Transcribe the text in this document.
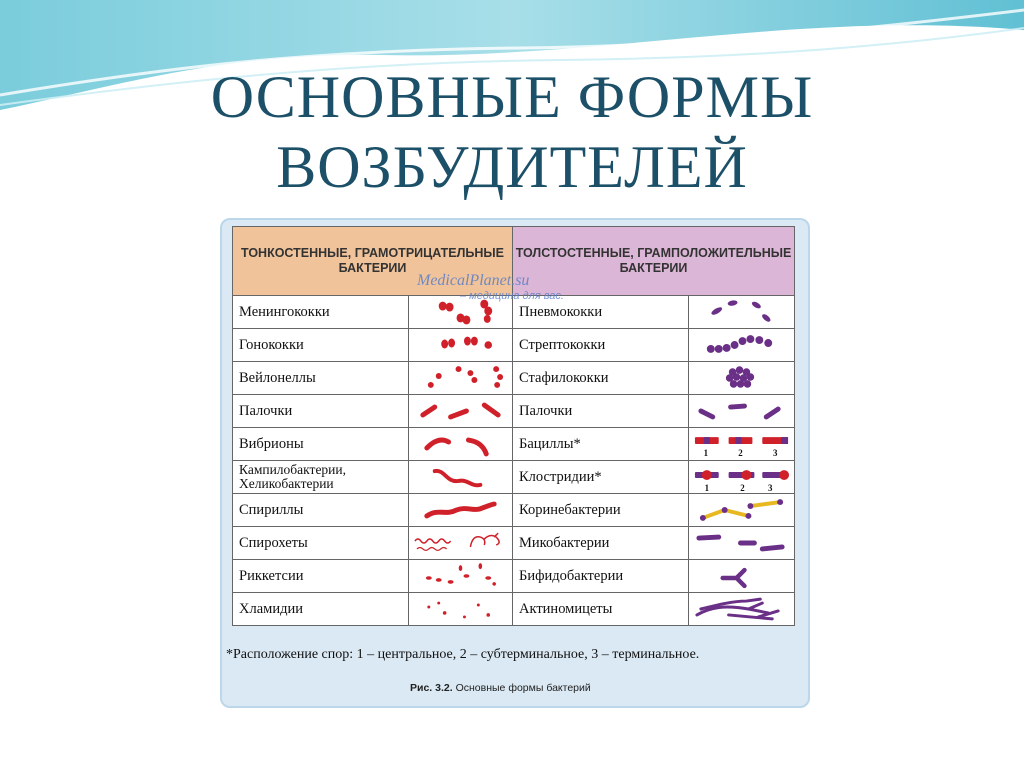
ОСНОВНЫЕ ФОРМЫ
ВОЗБУДИТЕЛЕЙ
ТОНКОСТЕННЫЕ, ГРАМОТРИЦАТЕЛЬНЫЕ БАКТЕРИИ		ТОЛСТОСТЕННЫЕ, ГРАМПОЛОЖИТЕЛЬНЫЕ БАКТЕРИИ	
Менингококки		Пневмококки	

Гонококки		Стрептококки	

Вейлонеллы		Стафилококки	

Палочки		Палочки	

Вибрионы		Бациллы*	1 2 3

Кампилобактерии, Хеликобактерии		Клостридии*	1 2 3

Спириллы		Коринебактерии	

Спирохеты		Микобактерии	

Риккетсии		Бифидобактерии	

Хламидии		Актиномицеты	
MedicalPlanet.su
– медицина для вас.
*Расположение спор: 1 – центральное, 2 – субтерминальное, 3 – терминальное.
Рис. 3.2. Основные формы бактерий
